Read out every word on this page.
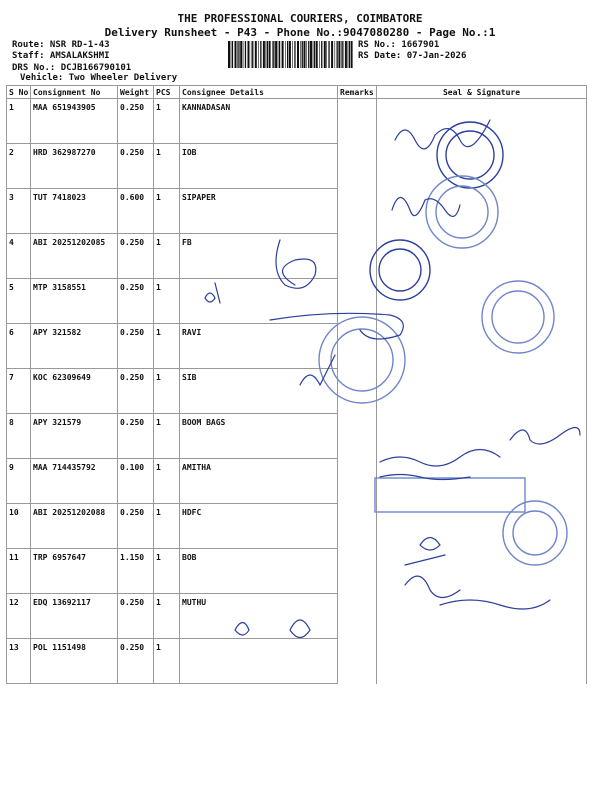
THE PROFESSIONAL COURIERS, COIMBATORE
Delivery Runsheet - P43 - Phone No.:9047080280 - Page No.:1
Route: NSR RD-1-43
Staff: AMSALAKSHMI
DRS No.: DCJB166790101
Vehicle: Two Wheeler Delivery
RS No.: 1667901
RS Date: 07-Jan-2026
S No	Consignment No	Weight	PCS	Consignee Details	Remarks	Seal & Signature
1	MAA 651943905	0.250	1	KANNADASAN		
2	HRD 362987270	0.250	1	IOB		
3	TUT 7418023	0.600	1	SIPAPER		
4	ABI 20251202085	0.250	1	FB		
5	MTP 3158551	0.250	1			
6	APY 321582	0.250	1	RAVI		
7	KOC 62309649	0.250	1	SIB		
8	APY 321579	0.250	1	BOOM BAGS		
9	MAA 714435792	0.100	1	AMITHA		
10	ABI 20251202088	0.250	1	HDFC		
11	TRP 6957647	1.150	1	BOB		
12	EDQ 13692117	0.250	1	MUTHU		
13	POL 1151498	0.250	1			
